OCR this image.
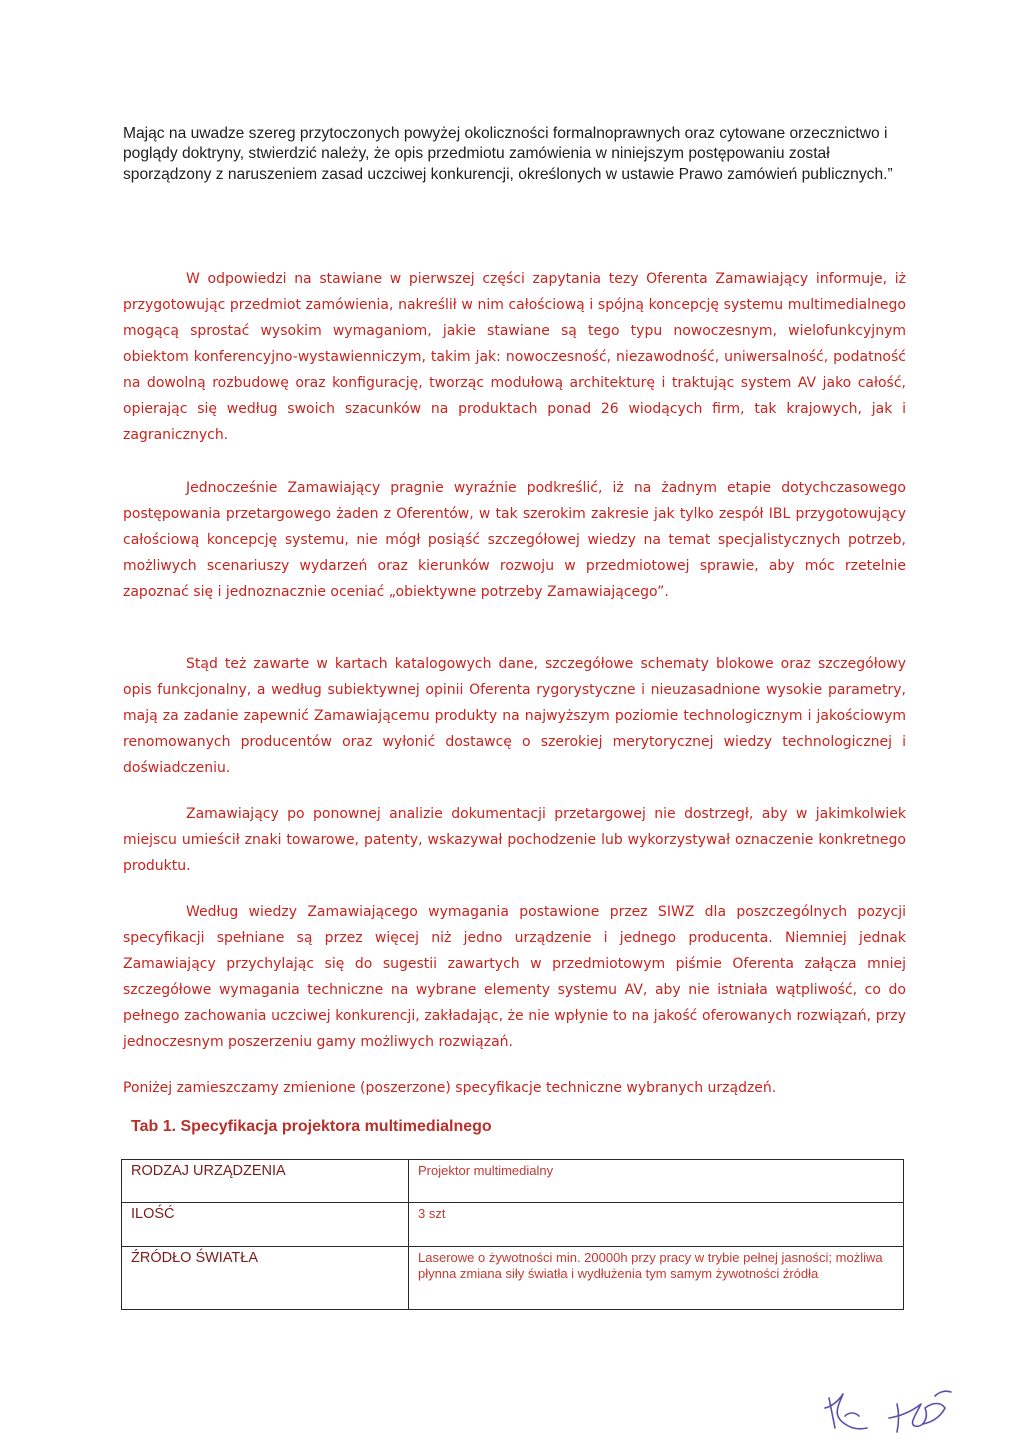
Mając na uwadze szereg przytoczonych powyżej okoliczności formalnoprawnych oraz cytowane orzecznictwo i poglądy doktryny, stwierdzić należy, że opis przedmiotu zamówienia w niniejszym postępowaniu został sporządzony z naruszeniem zasad uczciwej konkurencji, określonych w ustawie Prawo zamówień publicznych.”

W odpowiedzi na stawiane w pierwszej części zapytania tezy Oferenta Zamawiający informuje, iż przygotowując przedmiot zamówienia, nakreślił w nim całościową i spójną koncepcję systemu multimedialnego mogącą sprostać wysokim wymaganiom, jakie stawiane są tego typu nowoczesnym, wielofunkcyjnym obiektom konferencyjno-wystawienniczym, takim jak: nowoczesność, niezawodność, uniwersalność, podatność na dowolną rozbudowę oraz konfigurację, tworząc modułową architekturę i traktując system AV jako całość, opierając się według swoich szacunków na produktach ponad 26 wiodących firm, tak krajowych, jak i zagranicznych.

Jednocześnie Zamawiający pragnie wyraźnie podkreślić, iż na żadnym etapie dotychczasowego postępowania przetargowego żaden z Oferentów, w tak szerokim zakresie jak tylko zespół IBL przygotowujący całościową koncepcję systemu, nie mógł posiąść szczegółowej wiedzy na temat specjalistycznych potrzeb, możliwych scenariuszy wydarzeń oraz kierunków rozwoju w przedmiotowej sprawie, aby móc rzetelnie zapoznać się i jednoznacznie oceniać „obiektywne potrzeby Zamawiającego”.

Stąd też zawarte w kartach katalogowych dane, szczegółowe schematy blokowe oraz szczegółowy opis funkcjonalny, a według subiektywnej opinii Oferenta rygorystyczne i nieuzasadnione wysokie parametry, mają za zadanie zapewnić Zamawiającemu produkty na najwyższym poziomie technologicznym i jakościowym renomowanych producentów oraz wyłonić dostawcę o szerokiej merytorycznej wiedzy technologicznej i doświadczeniu.

Zamawiający po ponownej analizie dokumentacji przetargowej nie dostrzegł, aby w jakimkolwiek miejscu umieścił znaki towarowe, patenty, wskazywał pochodzenie lub wykorzystywał oznaczenie konkretnego produktu.

Według wiedzy Zamawiającego wymagania postawione przez SIWZ dla poszczególnych pozycji specyfikacji spełniane są przez więcej niż jedno urządzenie i jednego producenta. Niemniej jednak Zamawiający przychylając się do sugestii zawartych w przedmiotowym piśmie Oferenta załącza mniej szczegółowe wymagania techniczne na wybrane elementy systemu AV, aby nie istniała wątpliwość, co do pełnego zachowania uczciwej konkurencji, zakładając, że nie wpłynie to na jakość oferowanych rozwiązań, przy jednoczesnym poszerzeniu gamy możliwych rozwiązań.

Poniżej zamieszczamy zmienione (poszerzone) specyfikacje techniczne wybranych urządzeń.

Tab 1. Specyfikacja projektora multimedialnego

RODZAJ URZĄDZENIA	Projektor multimedialny
ILOŚĆ	3 szt
ŹRÓDŁO ŚWIATŁA	Laserowe o żywotności min. 20000h przy pracy w trybie pełnej jasności; możliwa płynna zmiana siły światła i wydłużenia tym samym żywotności źródła
